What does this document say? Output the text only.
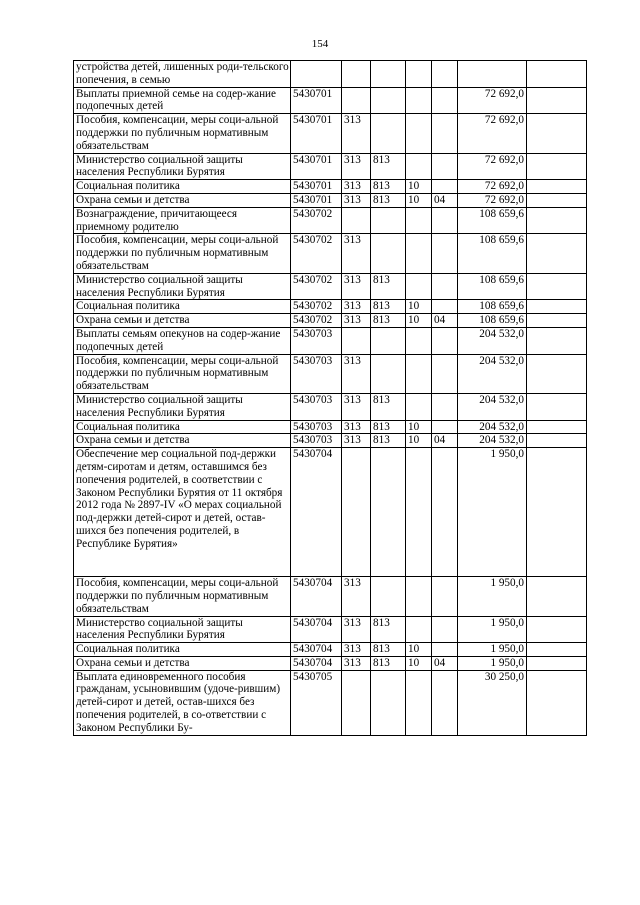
154
устройства детей, лишенных роди-тельского попечения, в семью							
Выплаты приемной семье на содер-жание подопечных детей	5430701					72 692,0	
Пособия, компенсации, меры соци-альной поддержки по публичным нормативным обязательствам	5430701	313				72 692,0	
Министерство социальной защиты населения Республики Бурятия	5430701	313	813			72 692,0	
Социальная политика	5430701	313	813	10		72 692,0	
Охрана семьи и детства	5430701	313	813	10	04	72 692,0	
Вознаграждение, причитающееся приемному родителю	5430702					108 659,6	
Пособия, компенсации, меры соци-альной поддержки по публичным нормативным обязательствам	5430702	313				108 659,6	
Министерство социальной защиты населения Республики Бурятия	5430702	313	813			108 659,6	
Социальная политика	5430702	313	813	10		108 659,6	
Охрана семьи и детства	5430702	313	813	10	04	108 659,6	
Выплаты семьям опекунов на содер-жание подопечных детей	5430703					204 532,0	
Пособия, компенсации, меры соци-альной поддержки по публичным нормативным обязательствам	5430703	313				204 532,0	
Министерство социальной защиты населения Республики Бурятия	5430703	313	813			204 532,0	
Социальная политика	5430703	313	813	10		204 532,0	
Охрана семьи и детства	5430703	313	813	10	04	204 532,0	
Обеспечение мер социальной под-держки детям-сиротам и детям, оставшимся без попечения родителей, в соответствии с Законом Республики Бурятия от 11 октября 2012 года № 2897-IV «О мерах социальной под-держки детей-сирот и детей, остав-шихся без попечения родителей, в Республике Бурятия»	5430704					1 950,0	
Пособия, компенсации, меры соци-альной поддержки по публичным нормативным обязательствам	5430704	313				1 950,0	
Министерство социальной защиты населения Республики Бурятия	5430704	313	813			1 950,0	
Социальная политика	5430704	313	813	10		1 950,0	
Охрана семьи и детства	5430704	313	813	10	04	1 950,0	
Выплата единовременного пособия гражданам, усыновившим (удоче-рившим) детей-сирот и детей, остав-шихся без попечения родителей, в со-ответствии с Законом Республики Бу-	5430705					30 250,0	
